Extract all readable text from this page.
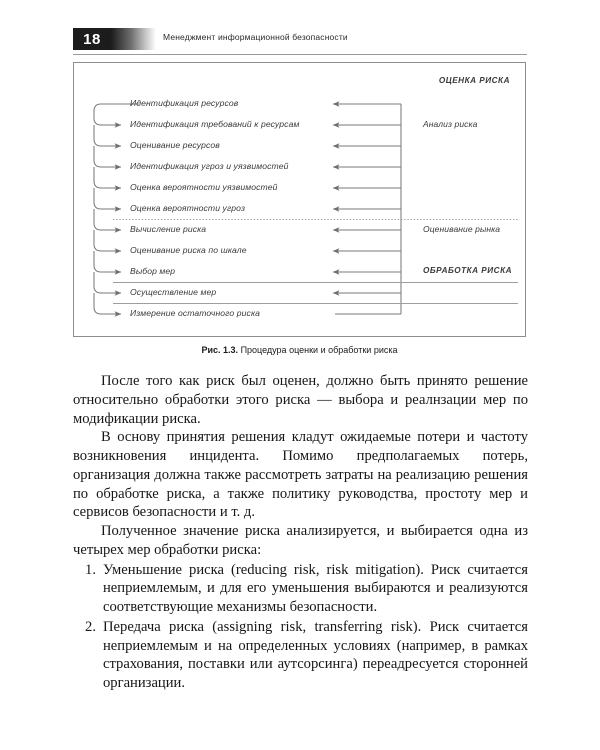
18	Менеджмент информационной безопасности
ОЦЕНКА РИСКА
Идентификация ресурсов
Идентификация требований к ресурсам
Оценивание ресурсов
Идентификация угроз и уязвимостей
Оценка вероятности уязвимостей
Оценка вероятности угроз
Вычисление риска
Оценивание риска по шкале
Выбор мер
Осуществление мер
Измерение остаточного риска
Анализ риска
Оценивание рынка
ОБРАБОТКА РИСКА
Рис. 1.3. Процедура оценки и обработки риска

После того как риск был оценен, должно быть принято решение относительно обработки этого риска — выбора и реалнзации мер по модификации риска.

В основу принятия решения кладут ожидаемые потери и частоту возникновения инцидента. Помимо предполагаемых потерь, организация должна также рассмотреть затраты на реализацию решения по обработке риска, а также политику руководства, простоту мер и сервисов безопасности и т. д.

Полученное значение риска анализируется, и выбирается одна из четырех мер обработки риска:

1. Уменьшение риска (reducing risk, risk mitigation). Риск считается неприемлемым, и для его уменьшения выбираются и реализуются соответствующие механизмы безопасности.
2. Передача риска (assigning risk, transferring risk). Риск считается неприемлемым и на определенных условиях (например, в рамках страхования, поставки или аутсорсинга) переадресуется сторонней организации.
